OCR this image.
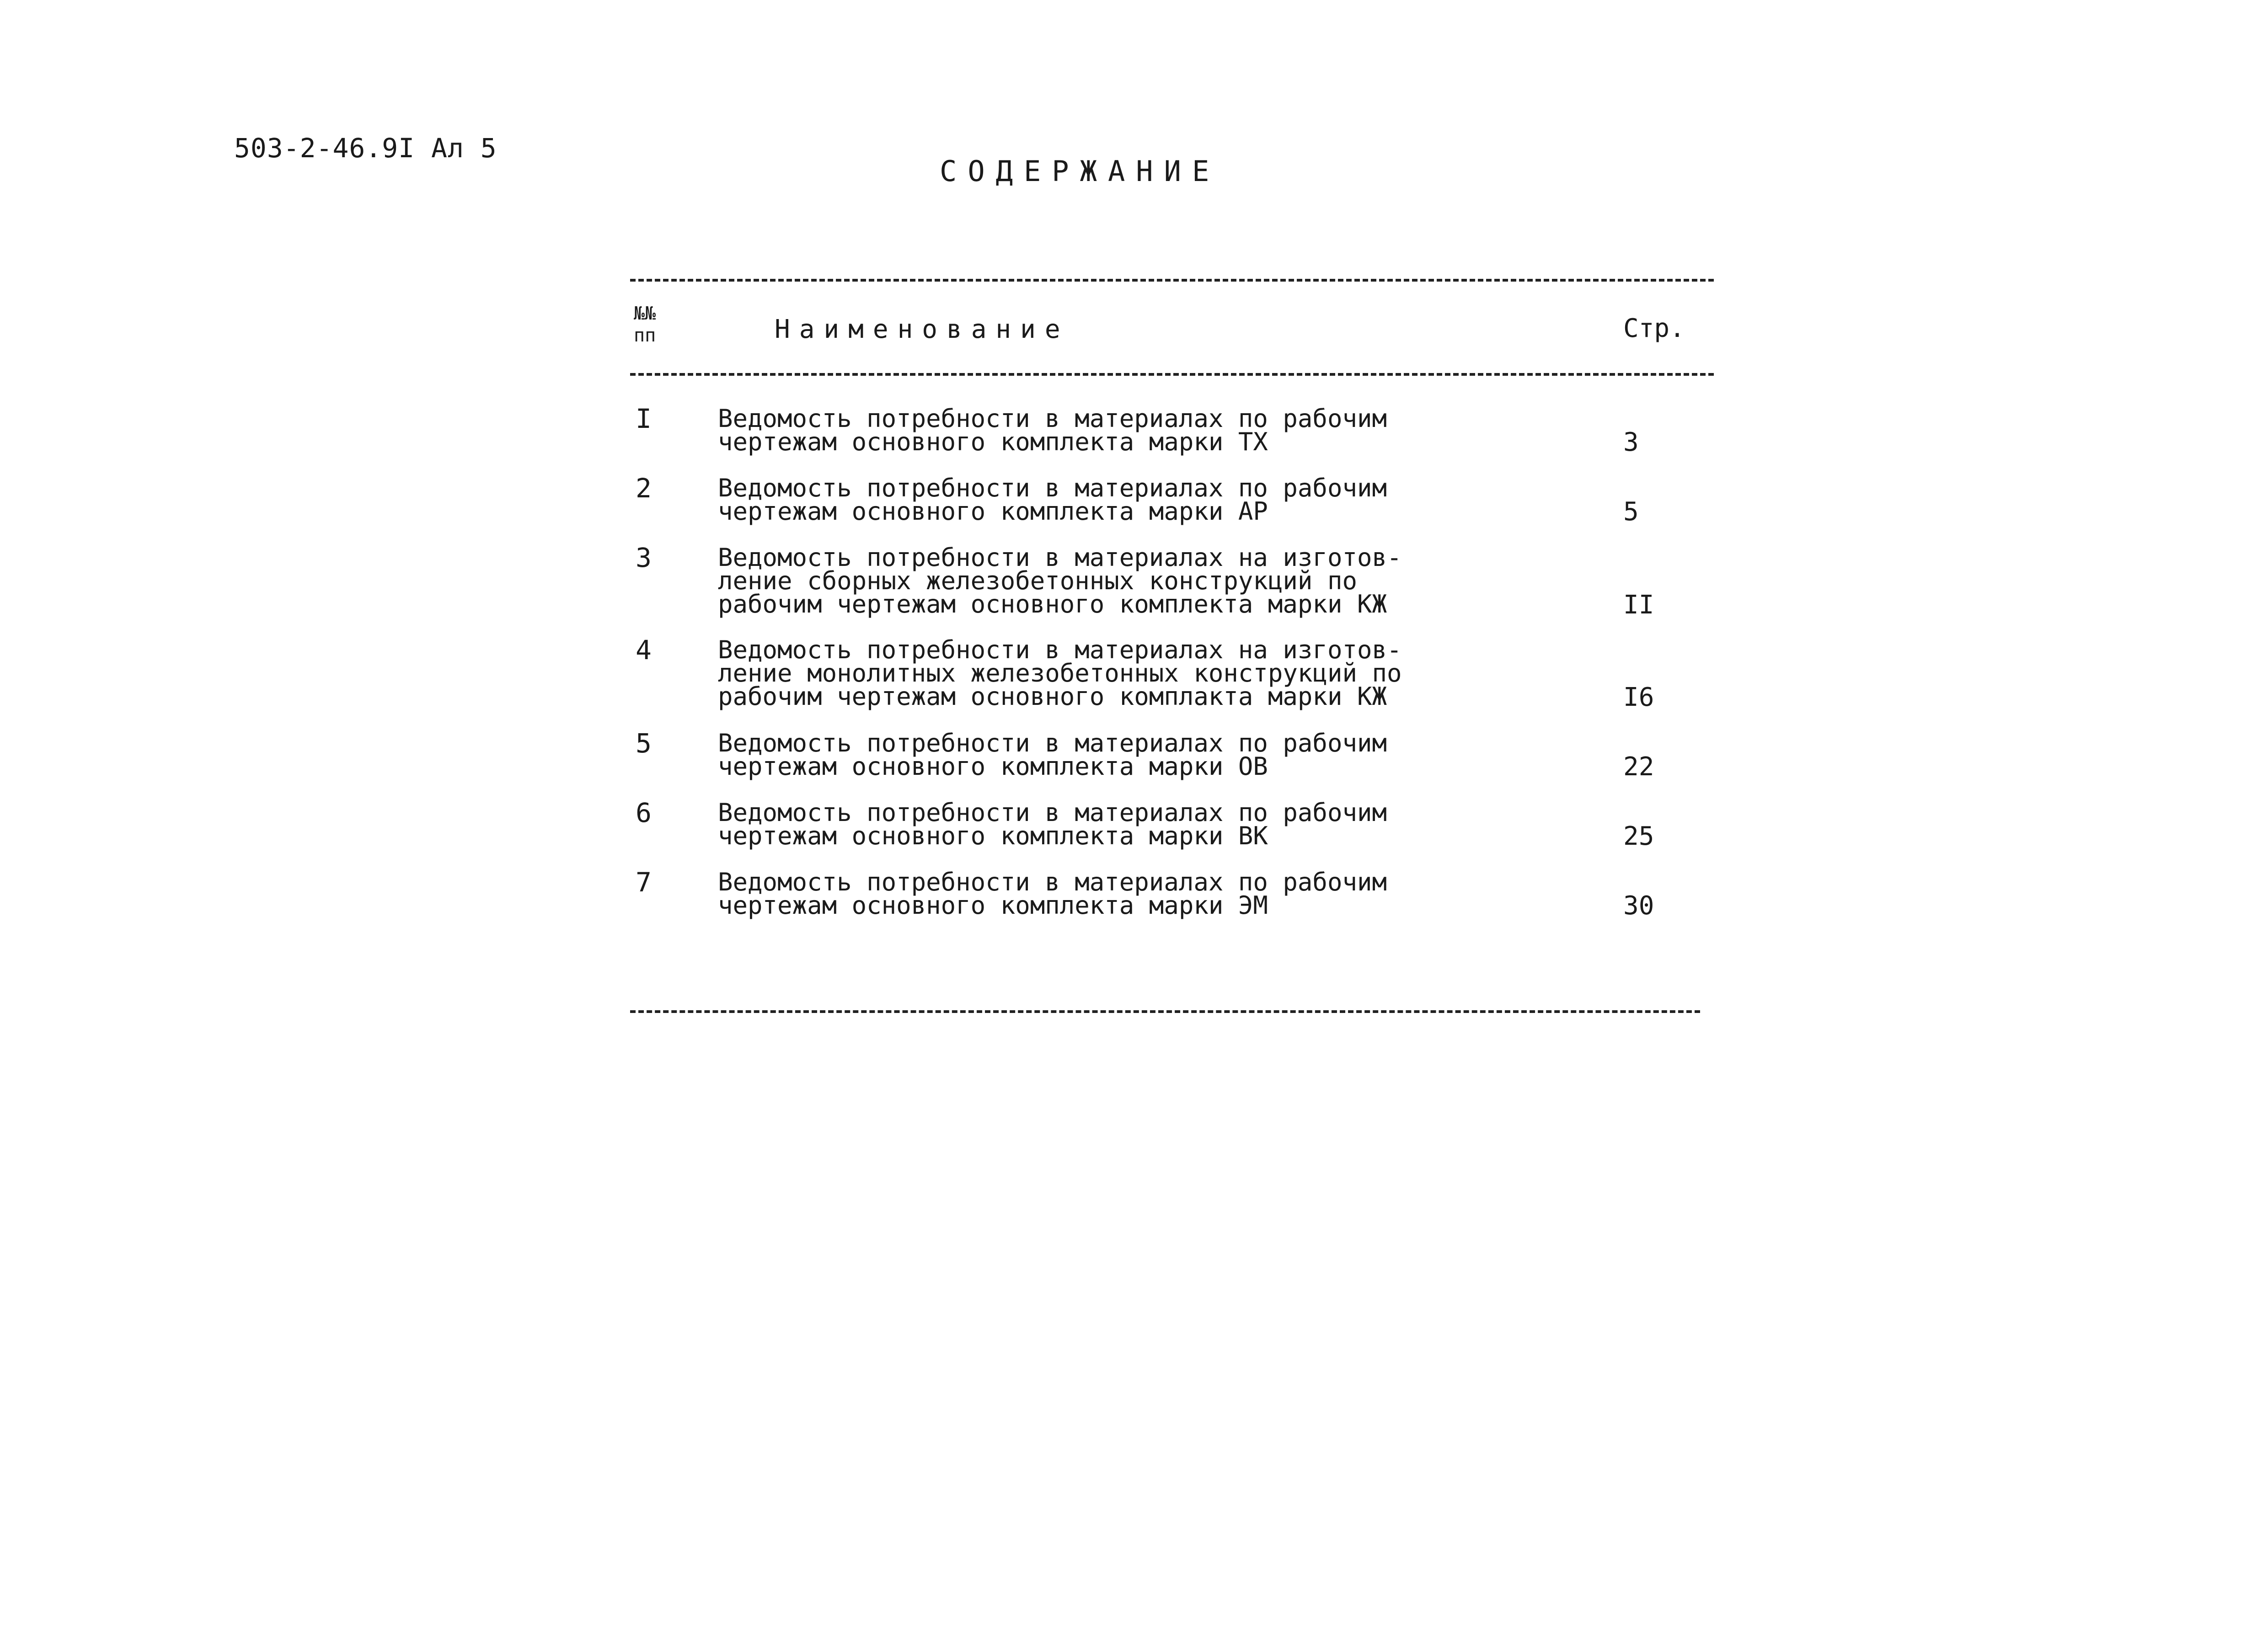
503-2-46.9I Ал 5
СОДЕРЖАНИЕ
№№
пп	Наименование	Стр.
I	Ведомость потребности в материалах по рабочим
чертежам основного комплекта марки ТХ	3
2	Ведомость потребности в материалах по рабочим
чертежам основного комплекта марки АР	5
3	Ведомость потребности в материалах на изготов-
ление сборных железобетонных конструкций по
рабочим чертежам основного комплекта марки КЖ	II
4	Ведомость потребности в материалах на изготов-
ление монолитных железобетонных конструкций по
рабочим чертежам основного комплакта марки КЖ	I6
5	Ведомость потребности в материалах по рабочим
чертежам основного комплекта марки ОВ	22
6	Ведомость потребности в материалах по рабочим
чертежам основного комплекта марки ВК	25
7	Ведомость потребности в материалах по рабочим
чертежам основного комплекта марки ЭМ	30
